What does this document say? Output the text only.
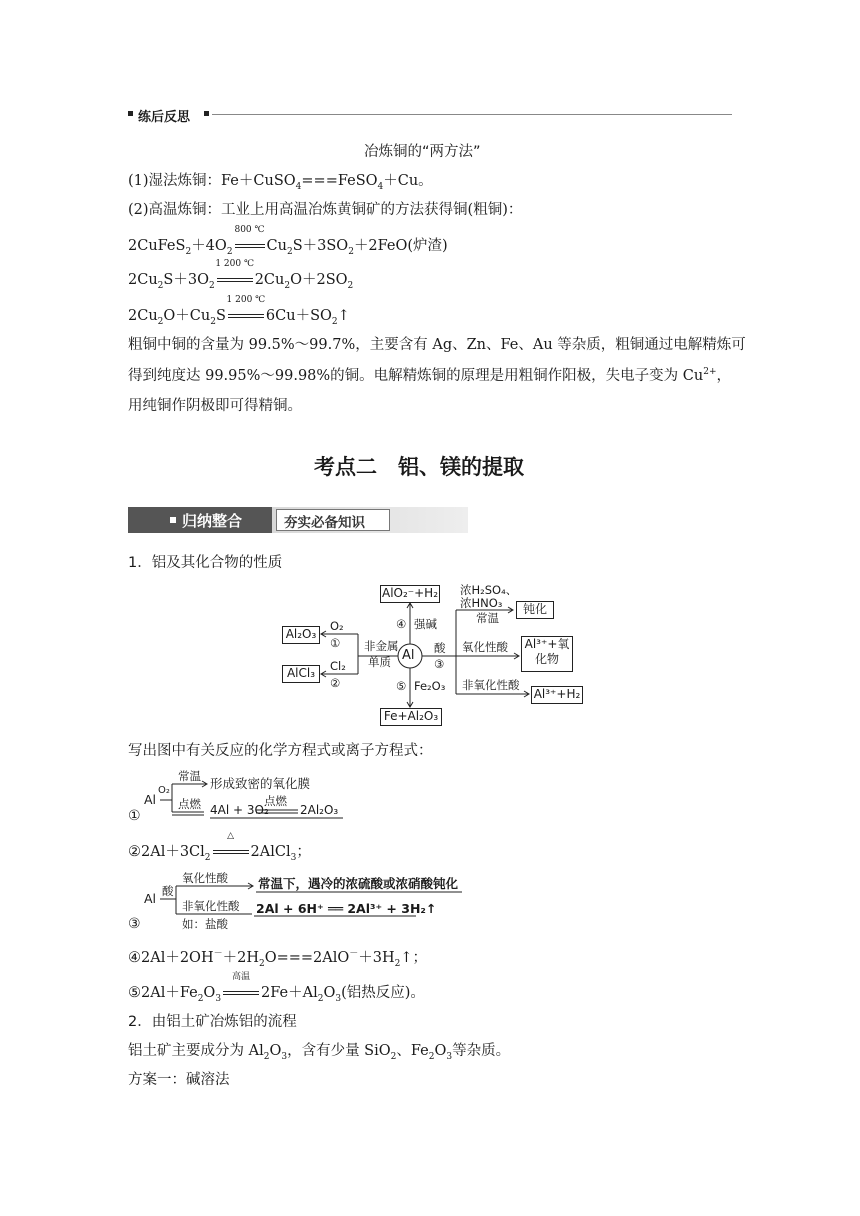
练后反思
冶炼铜的“两方法”
(1)湿法炼铜：Fe＋CuSO$_4$===FeSO$_4$＋Cu。
(2)高温炼铜：工业上用高温冶炼黄铜矿的方法获得铜(粗铜)：
$2CuFeS_2+4O_2$
800 ℃
$Cu_2S+3SO_2+2FeO$(炉渣)
$2Cu_2S+3O_2$
1 200 ℃
$2Cu_2O+2SO_2$
$2Cu_2O+Cu_2S$
1 200 ℃
$6Cu+SO_2↑$
粗铜中铜的含量为 99.5%～99.7%，主要含有 Ag、Zn、Fe、Au 等杂质，粗铜通过电解精炼可
得到纯度达 99.95%～99.98%的铜。电解精炼铜的原理是用粗铜作阳极，失电子变为 $Cu^{2+}$，
用纯铜作阴极即可得精铜。
考点二　铝、镁的提取
归纳整合	夯实必备知识
1．铝及其化合物的性质
Al
AlO₂⁻+H₂
Al₂O₃
AlCl₃
Fe+Al₂O₃
钝化
Al³⁺+氧化物
Al³⁺+H₂
O₂
①
Cl₂
②
非金属
单质
④ 强碱
⑤ Fe₂O₃
酸
③
浓H₂SO₄、
浓HNO₃
常温
氧化性酸
非氧化性酸
写出图中有关反应的化学方程式或离子方程式：
Al
O₂
常温 形成致密的氧化膜
点燃 4Al + 3O₂
点燃
2Al₂O₃
①
$②2Al+3Cl_2$
△
2AlCl$_3$；
Al 酸
氧化性酸 常温下，遇冷的浓硫酸或浓硝酸钝化
非氧化性酸
如：盐酸
2Al + 6H⁺ ══ 2Al³⁺ + 3H₂↑
③
$④2Al+2OH^-+2H_2O===2AlO^-+3H_2↑$；
$⑤2Al+Fe_2O_3$
高温
$2Fe+Al_2O_3$(铝热反应)。
2．由铝土矿冶炼铝的流程
铝土矿主要成分为 $Al_2O_3$，含有少量 SiO$_2$、$Fe_2O_3$等杂质。
方案一：碱溶法
